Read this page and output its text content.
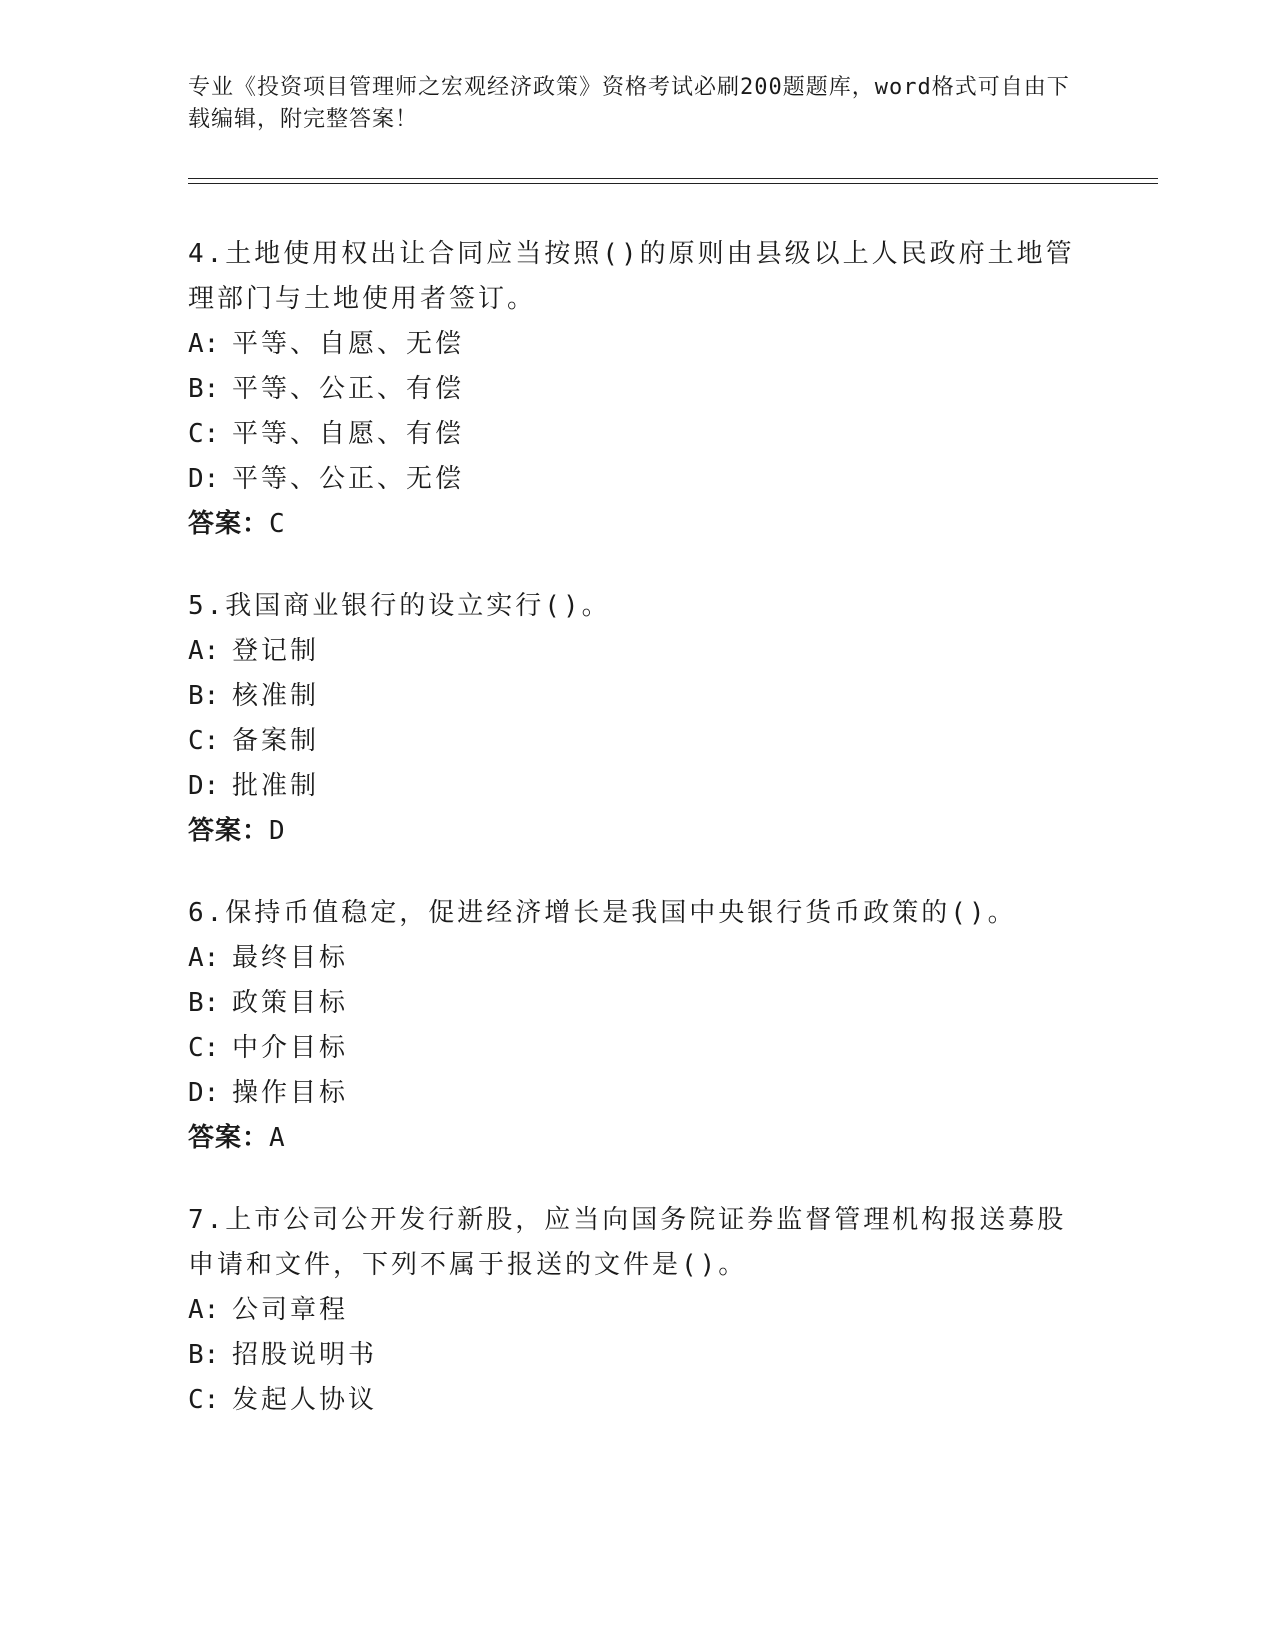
专业《投资项目管理师之宏观经济政策》资格考试必刷200题题库，word格式可自由下载编辑，附完整答案！
4.土地使用权出让合同应当按照()的原则由县级以上人民政府土地管理部门与土地使用者签订。
A: 平等、自愿、无偿
B: 平等、公正、有偿
C: 平等、自愿、有偿
D: 平等、公正、无偿
答案：C
5.我国商业银行的设立实行()。
A: 登记制
B: 核准制
C: 备案制
D: 批准制
答案：D
6.保持币值稳定，促进经济增长是我国中央银行货币政策的()。
A: 最终目标
B: 政策目标
C: 中介目标
D: 操作目标
答案：A
7.上市公司公开发行新股，应当向国务院证券监督管理机构报送募股申请和文件，下列不属于报送的文件是()。
A: 公司章程
B: 招股说明书
C: 发起人协议
